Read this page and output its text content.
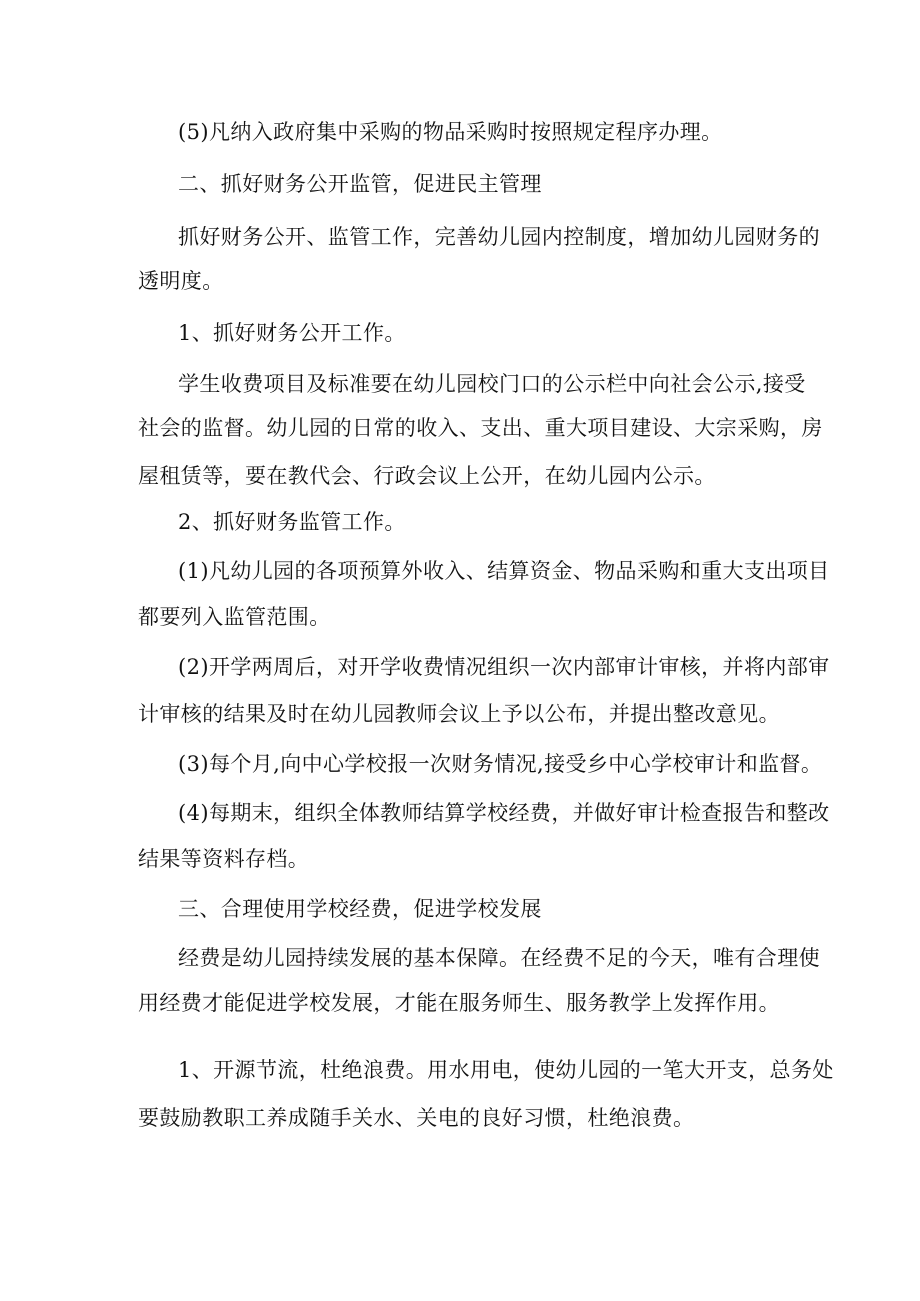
(5)凡纳入政府集中采购的物品采购时按照规定程序办理。
二、抓好财务公开监管，促进民主管理
抓好财务公开、监管工作，完善幼儿园内控制度，增加幼儿园财务的
透明度。
1、抓好财务公开工作。
学生收费项目及标准要在幼儿园校门口的公示栏中向社会公示,接受
社会的监督。幼儿园的日常的收入、支出、重大项目建设、大宗采购，房
屋租赁等，要在教代会、行政会议上公开，在幼儿园内公示。
2、抓好财务监管工作。
(1)凡幼儿园的各项预算外收入、结算资金、物品采购和重大支出项目
都要列入监管范围。
(2)开学两周后，对开学收费情况组织一次内部审计审核，并将内部审
计审核的结果及时在幼儿园教师会议上予以公布，并提出整改意见。
(3)每个月,向中心学校报一次财务情况,接受乡中心学校审计和监督。
(4)每期末，组织全体教师结算学校经费，并做好审计检查报告和整改
结果等资料存档。
三、合理使用学校经费，促进学校发展
经费是幼儿园持续发展的基本保障。在经费不足的今天，唯有合理使
用经费才能促进学校发展，才能在服务师生、服务教学上发挥作用。
1、开源节流，杜绝浪费。用水用电，使幼儿园的一笔大开支，总务处
要鼓励教职工养成随手关水、关电的良好习惯，杜绝浪费。
